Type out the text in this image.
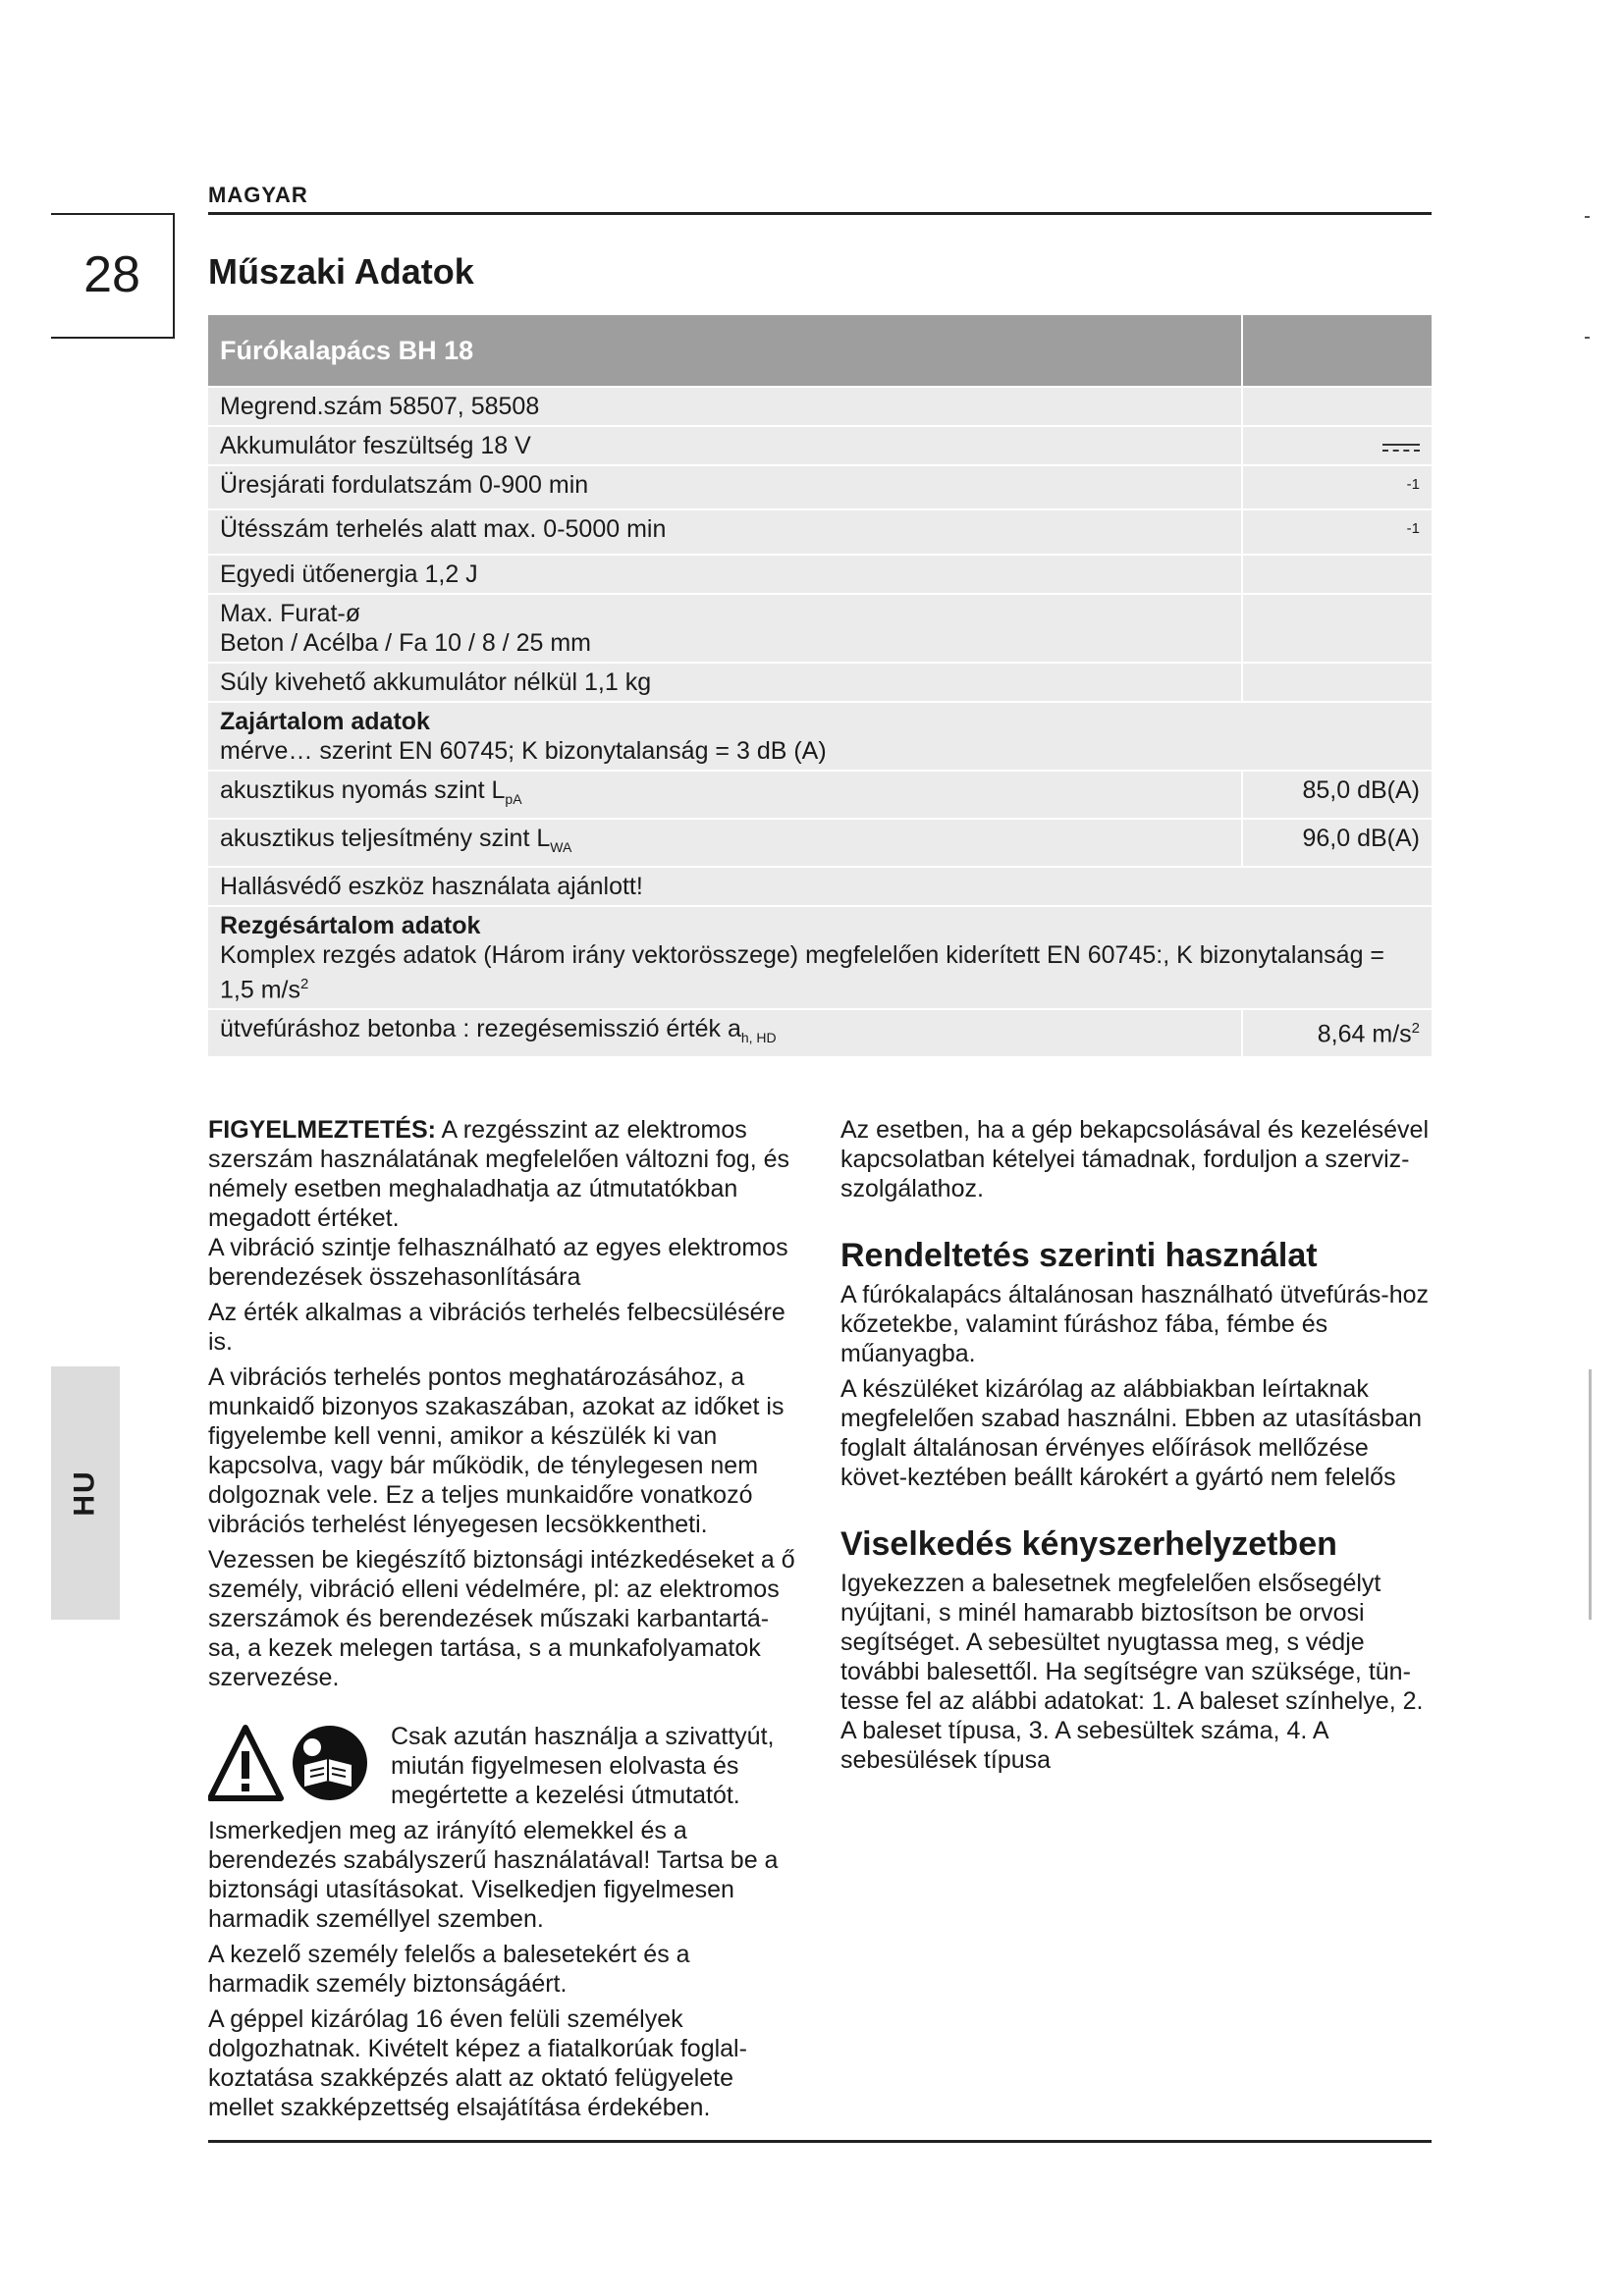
MAGYAR
28	Műszaki Adatok
HU
Fúrókalapács BH 18
Megrend.szám 58507, 58508
Akkumulátor feszültség 18 V
Üresjárati fordulatszám 0-900 min	$^{-1}$
Ütésszám terhelés alatt max. 0-5000 min	$^{-1}$
Egyedi ütőenergia 1,2 J
Max. Furat-ø
Beton / Acélba / Fa 10 / 8 / 25 mm
Súly kivehető akkumulátor nélkül 1,1 kg
Zajártalom adatok
mérve… szerint EN 60745; K bizonytalanság = 3 dB (A)
akusztikus nyomás szint $L_{pA}$	85,0 dB(A)
akusztikus teljesítmény szint $L_{WA}$	96,0 dB(A)
Hallásvédő eszköz használata ajánlott!
Rezgésártalom adatok
Komplex rezgés adatok (Három irány vektorösszege) megfelelően kiderített EN 60745:, K bizonytalanság =
1,5 $m/s^2$
ütvefúráshoz betonba : rezegésemisszió érték $a_{h, HD}$	8,64 $m/s^2$

FIGYELMEZTETÉS: A rezgésszint az elektromos szerszám használatának megfelelően változni fog, és némely esetben meghaladhatja az útmutatókban megadott értéket.

A vibráció szintje felhasználható az egyes elektromos berendezések összehasonlítására

Az érték alkalmas a vibrációs terhelés felbecsülésére is.

A vibrációs terhelés pontos meghatározásához, a munkaidő bizonyos szakaszában, azokat az időket is figyelembe kell venni, amikor a készülék ki van kapcsolva, vagy bár működik, de ténylegesen nem dolgoznak vele. Ez a teljes munkaidőre vonatkozó vibrációs terhelést lényegesen lecsökkentheti.

Vezessen be kiegészítő biztonsági intézkedéseket a ő személy, vibráció elleni védelmére, pl: az elektromos szerszámok és berendezések műszaki karbantartá-sa, a kezek melegen tartása, s a munkafolyamatok szervezése.

Csak azután használja a szivattyút, miután figyelmesen elolvasta és megértette a kezelési útmutatót.

Ismerkedjen meg az irányító elemekkel és a berendezés szabályszerű használatával! Tartsa be a biztonsági utasításokat. Viselkedjen figyelmesen harmadik személlyel szemben.

A kezelő személy felelős a balesetekért és a harmadik személy biztonságáért.

A géppel kizárólag 16 éven felüli személyek dolgozhatnak. Kivételt képez a fiatalkorúak foglal-koztatása szakképzés alatt az oktató felügyelete mellet szakképzettség elsajátítása érdekében.

Az esetben, ha a gép bekapcsolásával és kezelésével kapcsolatban kételyei támadnak, forduljon a szerviz-szolgálathoz.

Rendeltetés szerinti használat

A fúrókalapács általánosan használható ütvefúrás-hoz kőzetekbe, valamint fúráshoz fába, fémbe és műanyagba.

A készüléket kizárólag az alábbiakban leírtaknak megfelelően szabad használni. Ebben az utasításban foglalt általánosan érvényes előírások mellőzése követ-keztében beállt károkért a gyártó nem felelős

Viselkedés kényszerhelyzetben

Igyekezzen a balesetnek megfelelően elsősegélyt nyújtani, s minél hamarabb biztosítson be orvosi segítséget. A sebesültet nyugtassa meg, s védje további balesettől. Ha segítségre van szüksége, tün-tesse fel az alábbi adatokat: 1. A baleset színhelye, 2. A baleset típusa, 3. A sebesültek száma, 4. A sebesülések típusa
